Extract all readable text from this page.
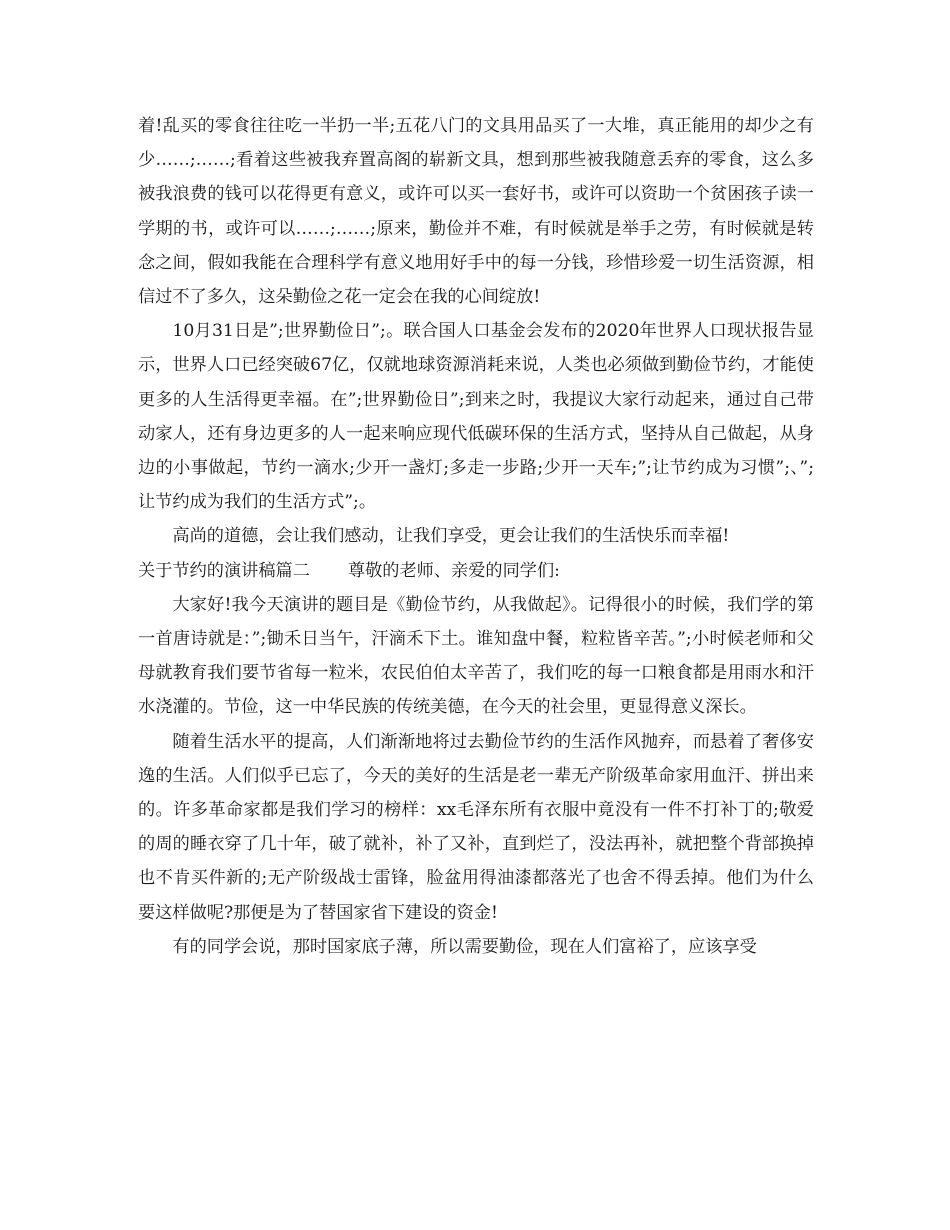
着!乱买的零食往往吃一半扔一半;五花八门的文具用品买了一大堆，真正能用的却少之有少……;……;看着这些被我弃置高阁的崭新文具，想到那些被我随意丢弃的零食，这么多被我浪费的钱可以花得更有意义，或许可以买一套好书，或许可以资助一个贫困孩子读一学期的书，或许可以……;……;原来，勤俭并不难，有时候就是举手之劳，有时候就是转念之间，假如我能在合理科学有意义地用好手中的每一分钱，珍惜珍爱一切生活资源，相信过不了多久，这朵勤俭之花一定会在我的心间绽放!

10月31日是”;世界勤俭日”;。联合国人口基金会发布的2020年世界人口现状报告显示，世界人口已经突破67亿，仅就地球资源消耗来说，人类也必须做到勤俭节约，才能使更多的人生活得更幸福。在”;世界勤俭日”;到来之时，我提议大家行动起来，通过自己带动家人，还有身边更多的人一起来响应现代低碳环保的生活方式，坚持从自己做起，从身边的小事做起，节约一滴水;少开一盏灯;多走一步路;少开一天车;”;让节约成为习惯”;、”;让节约成为我们的生活方式”;。

高尚的道德，会让我们感动，让我们享受，更会让我们的生活快乐而幸福!

关于节约的演讲稿篇二 尊敬的老师、亲爱的同学们:

大家好!我今天演讲的题目是《勤俭节约，从我做起》。记得很小的时候，我们学的第一首唐诗就是：”;锄禾日当午，汗滴禾下土。谁知盘中餐，粒粒皆辛苦。”;小时候老师和父母就教育我们要节省每一粒米，农民伯伯太辛苦了，我们吃的每一口粮食都是用雨水和汗水浇灌的。节俭，这一中华民族的传统美德，在今天的社会里，更显得意义深长。

随着生活水平的提高，人们渐渐地将过去勤俭节约的生活作风抛弃，而悬着了奢侈安逸的生活。人们似乎已忘了，今天的美好的生活是老一辈无产阶级革命家用血汗、拼出来的。许多革命家都是我们学习的榜样：xx毛泽东所有衣服中竟没有一件不打补丁的;敬爱的周的睡衣穿了几十年，破了就补，补了又补，直到烂了，没法再补，就把整个背部换掉也不肯买件新的;无产阶级战士雷锋，脸盆用得油漆都落光了也舍不得丢掉。他们为什么要这样做呢?那便是为了替国家省下建设的资金!

有的同学会说，那时国家底子薄，所以需要勤俭，现在人们富裕了，应该享受
